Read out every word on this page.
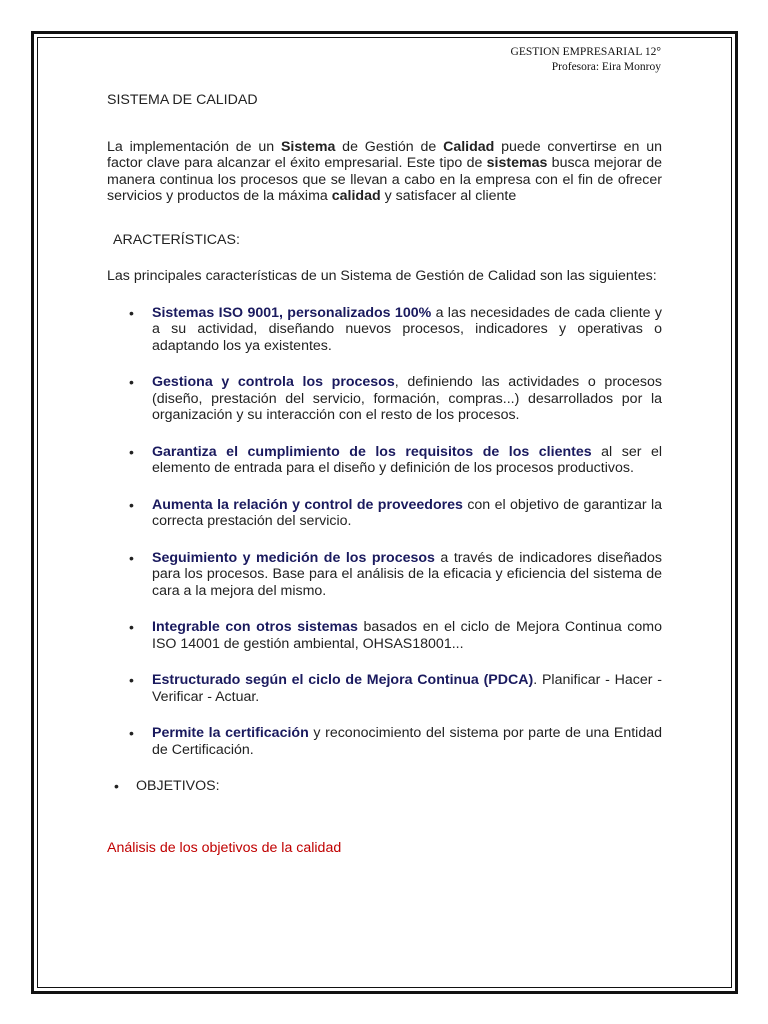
GESTION EMPRESARIAL 12°
Profesora: Eira Monroy
SISTEMA DE CALIDAD

La implementación de un Sistema de Gestión de Calidad puede convertirse en un factor clave para alcanzar el éxito empresarial. Este tipo de sistemas busca mejorar de manera continua los procesos que se llevan a cabo en la empresa con el fin de ofrecer servicios y productos de la máxima calidad y satisfacer al cliente

ARACTERÍSTICAS:

Las principales características de un Sistema de Gestión de Calidad son las siguientes:

• Sistemas ISO 9001, personalizados 100% a las necesidades de cada cliente y a su actividad, diseñando nuevos procesos, indicadores y operativas o adaptando los ya existentes.
• Gestiona y controla los procesos, definiendo las actividades o procesos (diseño, prestación del servicio, formación, compras...) desarrollados por la organización y su interacción con el resto de los procesos.
• Garantiza el cumplimiento de los requisitos de los clientes al ser el elemento de entrada para el diseño y definición de los procesos productivos.
• Aumenta la relación y control de proveedores con el objetivo de garantizar la correcta prestación del servicio.
• Seguimiento y medición de los procesos a través de indicadores diseñados para los procesos. Base para el análisis de la eficacia y eficiencia del sistema de cara a la mejora del mismo.
• Integrable con otros sistemas basados en el ciclo de Mejora Continua como ISO 14001 de gestión ambiental, OHSAS18001...
• Estructurado según el ciclo de Mejora Continua (PDCA). Planificar - Hacer - Verificar - Actuar.
• Permite la certificación y reconocimiento del sistema por parte de una Entidad de Certificación.
• OBJETIVOS:
Análisis de los objetivos de la calidad
